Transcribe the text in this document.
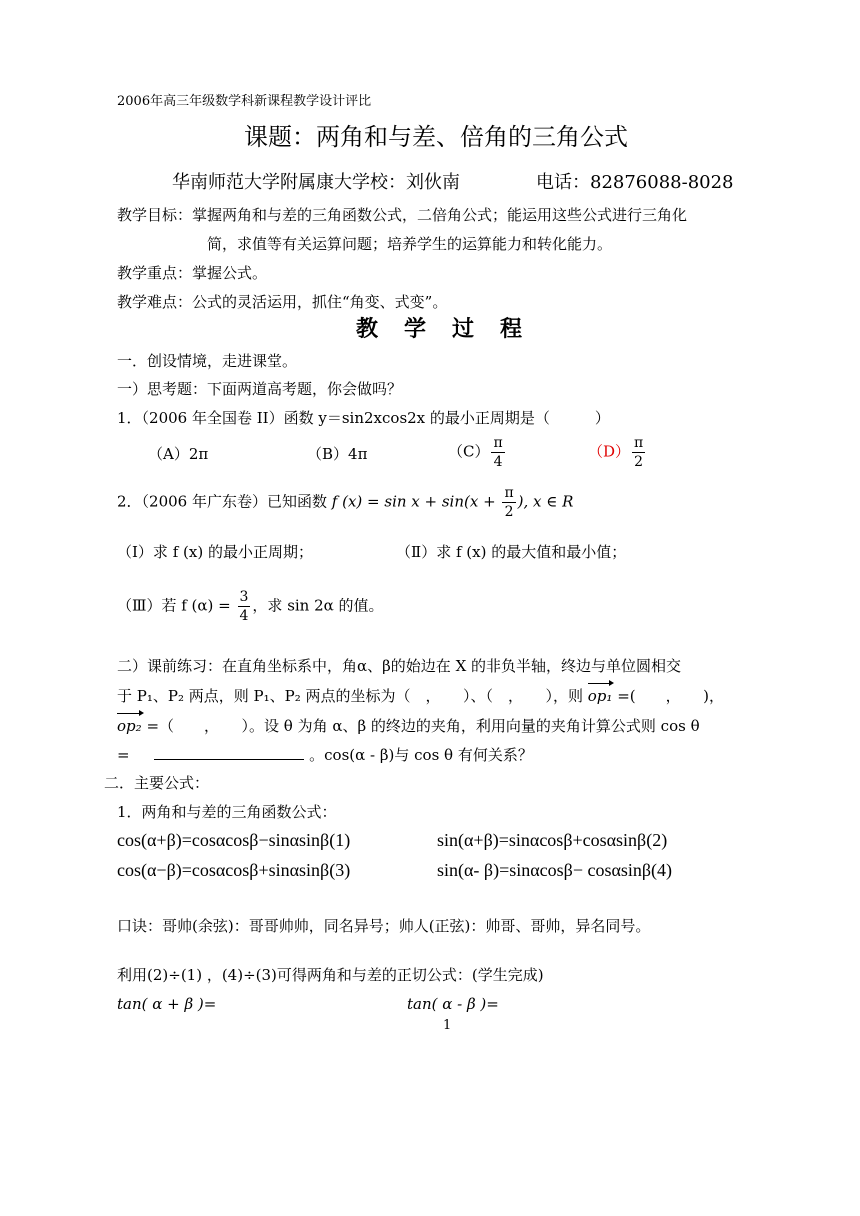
2006年高三年级数学科新课程教学设计评比
课题：两角和与差、倍角的三角公式
华南师范大学附属康大学校：刘伙南	电话：82876088-8028
教学目标：掌握两角和与差的三角函数公式，二倍角公式；能运用这些公式进行三角化
简，求值等有关运算问题；培养学生的运算能力和转化能力。
教学重点：掌握公式。
教学难点：公式的灵活运用，抓住“角变、式变”。
教学过程
一．创设情境，走进课堂。
一）思考题：下面两道高考题，你会做吗？
1．（2006 年全国卷 II）函数 y＝sin2xcos2x 的最小正周期是（　　　）
（A）2π	（B）4π	$(C) \frac{\pi}{4}$	$(D) \frac{\pi}{2}$
2．（2006 年广东卷）已知函数 f $(x) = \sin x + \sin(x + \frac{\pi}{2}$ ), x ∈ R
（Ⅰ）求 f (x) 的最小正周期；	（Ⅱ）求 f (x) 的最大值和最小值；
（Ⅲ）若 f $(\alpha) = \frac{3}{4}$ ，求 sin 2α 的值。
二）课前练习：在直角坐标系中，角α、β的始边在 X 的非负半轴，终边与单位圆相交
于 P₁、P₂ 两点，则 P₁、P₂ 两点的坐标为（　，　　）、（　，　　），则 op₁ =(　　，　　)，
op₂ =（　　，　　）。设 θ 为角 α、β 的终边的夹角，利用向量的夹角计算公式则 cos θ
=	。cos(α - β)与 cos θ 有何关系？
二．主要公式：
1．两角和与差的三角函数公式：
cos(α+β)=cosαcosβ−sinαsinβ(1)	sin(α+β)=sinαcosβ+cosαsinβ(2)
cos(α−β)=cosαcosβ+sinαsinβ(3)	sin(α- β)=sinαcosβ− cosαsinβ(4)
口诀：哥帅(余弦)：哥哥帅帅，同名异号；帅人(正弦)：帅哥、哥帅，异名同号。
利用(2)÷(1) ，(4)÷(3)可得两角和与差的正切公式：(学生完成)
tan( α + β )=	tan( α - β )=
1
